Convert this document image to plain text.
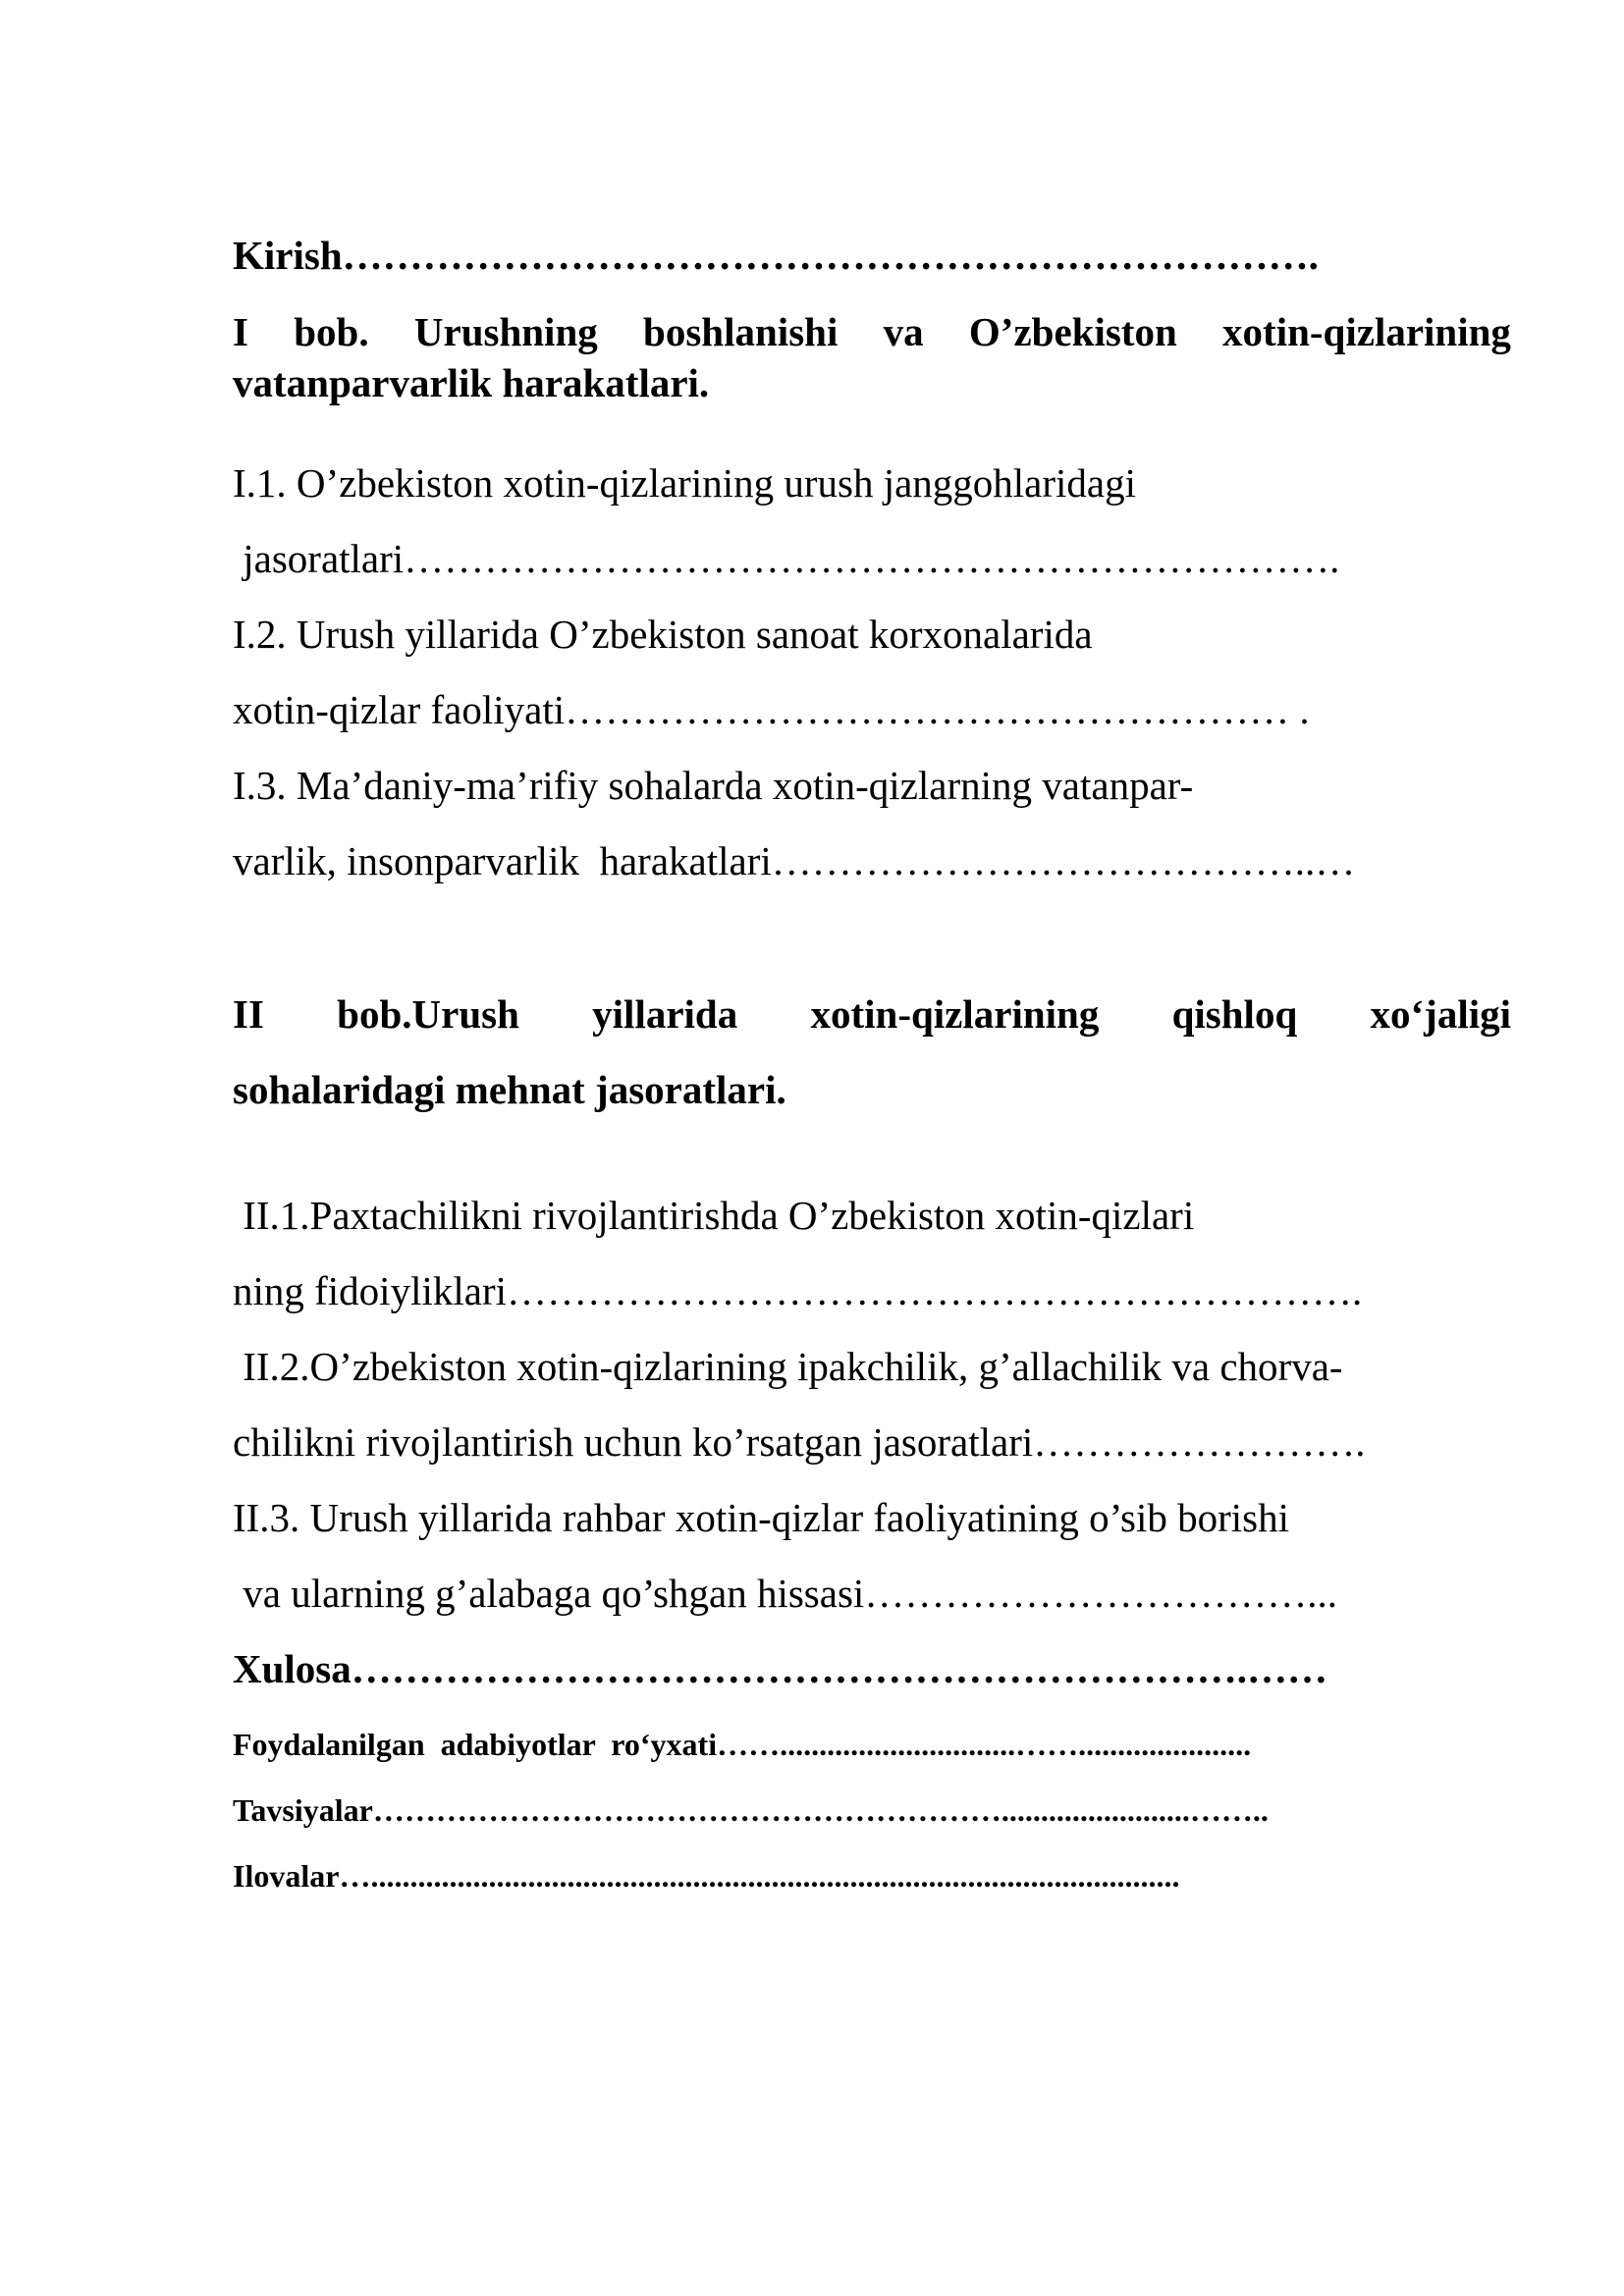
Kirish……………………………………………………………….
I bob. Urushning boshlanishi va O’zbekiston xotin-qizlarining
vatanparvarlik harakatlari.
I.1. O’zbekiston xotin-qizlarining urush janggohlaridagi
jasoratlari…………………………………………………………….
I.2. Urush yillarida O’zbekiston sanoat korxonalarida
xotin-qizlar faoliyati……………………………………………… .
I.3. Ma’daniy-ma’rifiy sohalarda xotin-qizlarning vatanpar-
varlik, insonparvarlik  harakatlari…………………………………..…
II bob.Urush yillarida xotin-qizlarining qishloq xo‘jaligi
sohalaridagi mehnat jasoratlari.
II.1.Paxtachilikni rivojlantirishda O’zbekiston xotin-qizlari
ning fidoiyliklari……………………………………………………….
II.2.O’zbekiston xotin-qizlarining ipakchilik, g’allachilik va chorva-
chilikni rivojlantirish uchun ko’rsatgan jasoratlari…………………….
II.3. Urush yillarida rahbar xotin-qizlar faoliyatining o’sib borishi
va ularning g’alabaga qo’shgan hissasi……………………………...
Xulosa………………………………………………………….……
Foydalanilgan  adabiyotlar  ro‘yxati……..............................……......................
Tavsiyalar……………………………………………………........................……..
Ilovalar….......................................................................................................
